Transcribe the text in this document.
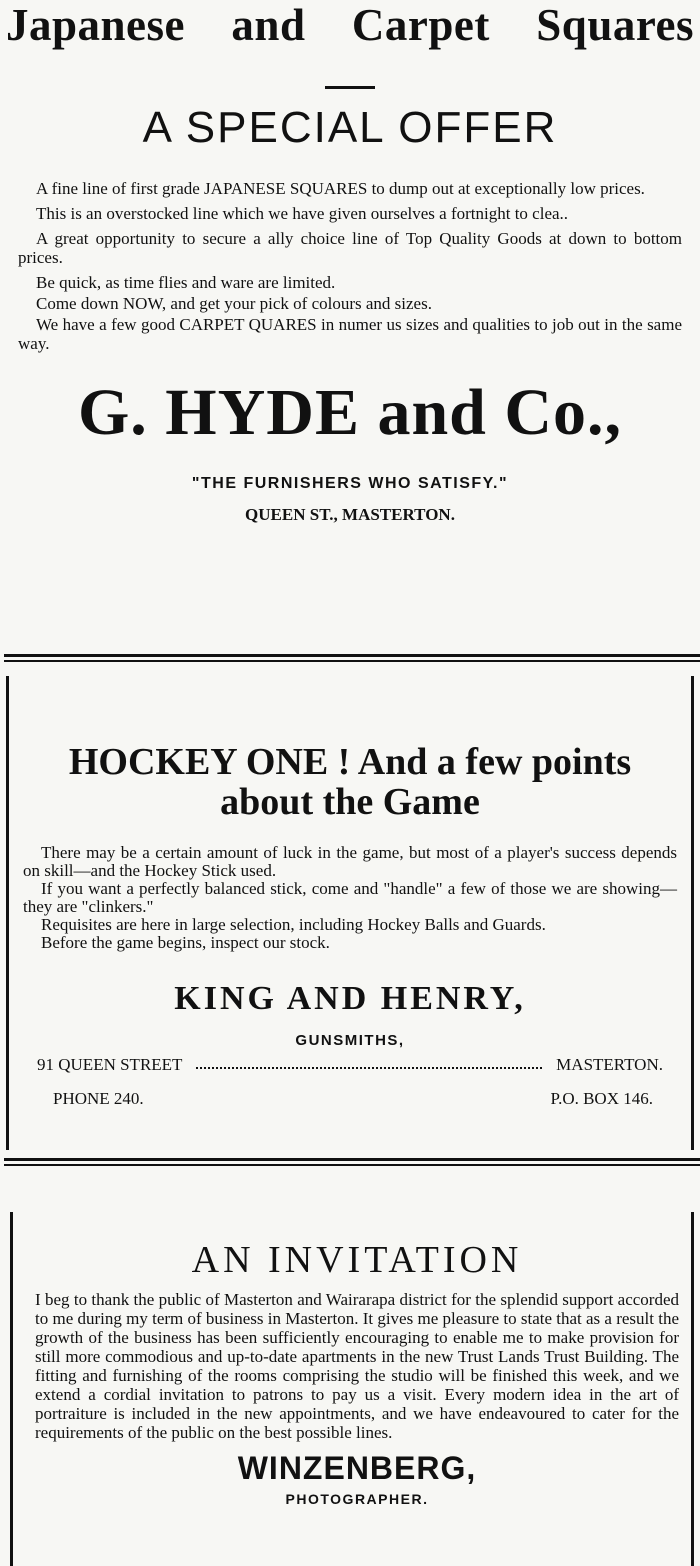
Japanese and Carpet Squares
A SPECIAL OFFER

A fine line of first grade JAPANESE SQUARES to dump out at exceptionally low prices.

This is an overstocked line which we have given ourselves a fortnight to clea..

A great opportunity to secure a ally choice line of Top Quality Goods at down to bottom prices.

Be quick, as time flies and ware are limited.

Come down NOW, and get your pick of colours and sizes.

We have a few good CARPET QUARES in numer us sizes and qualities to job out in the same way.

G. HYDE and Co.,
"THE FURNISHERS WHO SATISFY."
QUEEN ST., MASTERTON.
HOCKEY ONE ! And a few points
about the Game

There may be a certain amount of luck in the game, but most of a player's success depends on skill—and the Hockey Stick used.

If you want a perfectly balanced stick, come and "handle" a few of those we are showing—they are "clinkers."

Requisites are here in large selection, including Hockey Balls and Guards.

Before the game begins, inspect our stock.

KING AND HENRY,
GUNSMITHS,
91 QUEEN STREET	MASTERTON.
PHONE 240.	P.O. BOX 146.
AN INVITATION

I beg to thank the public of Masterton and Wairarapa district for the splendid support accorded to me during my term of business in Masterton. It gives me pleasure to state that as a result the growth of the business has been sufficiently encouraging to enable me to make provision for still more commodious and up-to-date apartments in the new Trust Lands Trust Building. The fitting and furnishing of the rooms comprising the studio will be finished this week, and we extend a cordial invitation to patrons to pay us a visit. Every modern idea in the art of portraiture is included in the new appointments, and we have endeavoured to cater for the requirements of the public on the best possible lines.

WINZENBERG,
PHOTOGRAPHER.
